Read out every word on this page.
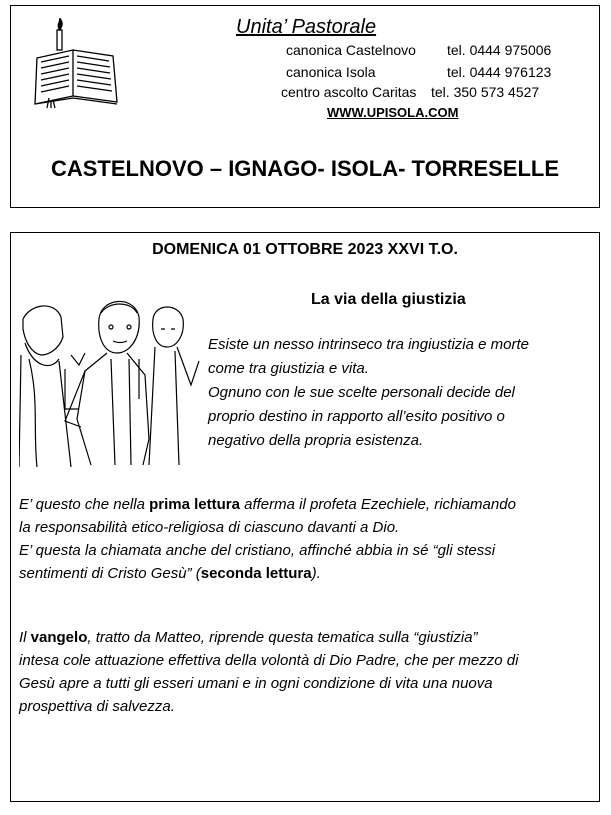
Unita’ Pastorale
canonica Castelnovo tel. 0444 975006
canonica Isola	tel. 0444 976123
centro ascolto Caritas tel. 350 573 4527
WWW.UPISOLA.COM
CASTELNOVO – IGNAGO- ISOLA- TORRESELLE
DOMENICA 01 OTTOBRE 2023 XXVI T.O.
La via della giustizia
Esiste un nesso intrinseco tra ingiustizia e morte
come tra giustizia e vita.
Ognuno con le sue scelte personali decide del
proprio destino in rapporto all’esito positivo o
negativo della propria esistenza.
E’ questo che nella prima lettura afferma il profeta Ezechiele, richiamando
la responsabilità etico-religiosa di ciascuno davanti a Dio.
E’ questa la chiamata anche del cristiano, affinché abbia in sé “gli stessi
sentimenti di Cristo Gesù” (seconda lettura).
Il vangelo, tratto da Matteo, riprende questa tematica sulla “giustizia”
intesa cole attuazione effettiva della volontà di Dio Padre, che per mezzo di
Gesù apre a tutti gli esseri umani e in ogni condizione di vita una nuova
prospettiva di salvezza.
